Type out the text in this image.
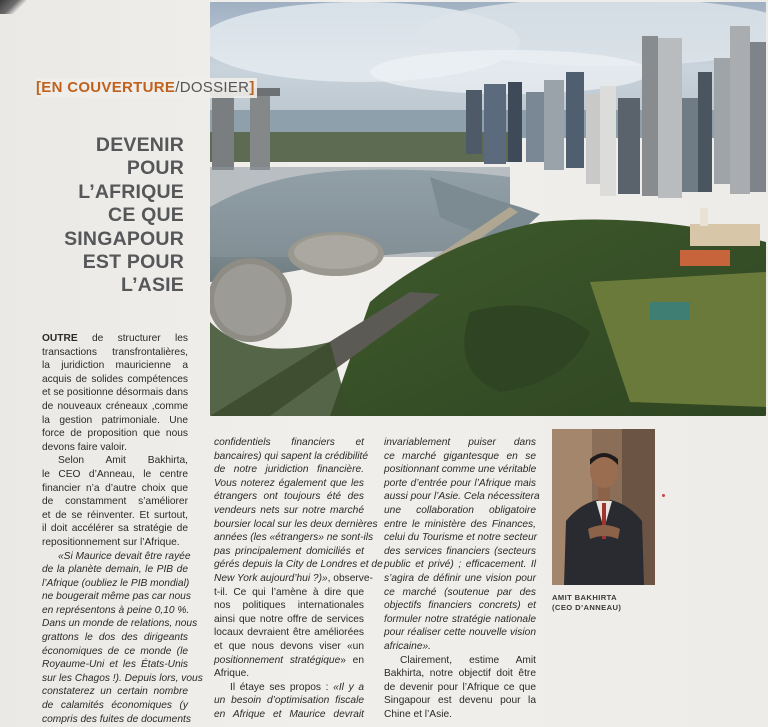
[EN COUVERTURE/DOSSIER]
DEVENIR
POUR
L’AFRIQUE
CE QUE
SINGAPOUR
EST POUR
L’ASIE
OUTRE de structurer les
transactions transfrontalières,
la juridiction mauricienne a
acquis de solides compétences
et se positionne désormais dans
de nouveaux créneaux ,comme
la gestion patrimoniale. Une
force de proposition que nous
devons faire valoir.
Selon Amit Bakhirta,
le CEO d’Anneau, le centre
financier n’a d’autre choix que
de constamment s’améliorer
et de se réinventer. Et surtout,
il doit accélérer sa stratégie de
repositionnement sur l’Afrique.
«Si Maurice devait être rayée
de la planète demain, le PIB de
l’Afrique (oubliez le PIB mondial)
ne bougerait même pas car nous
en représentons à peine 0,10 %.
Dans un monde de relations, nous
grattons le dos des dirigeants
économiques de ce monde (le
Royaume-Uni et les États-Unis
sur les Chagos !). Depuis lors, vous
constaterez un certain nombre
de calamités économiques (y
compris des fuites de documents
confidentiels financiers et
bancaires) qui sapent la crédibilité
de notre juridiction financière.
Vous noterez également que les
étrangers ont toujours été des
vendeurs nets sur notre marché
boursier local sur les deux dernières
années (les «étrangers» ne sont-ils
pas principalement domiciliés et
gérés depuis la City de Londres et de
New York aujourd’hui ?)», observe-
t-il. Ce qui l’amène à dire que
nos politiques internationales
ainsi que notre offre de services
locaux devraient être améliorées
et que nous devons viser «un
positionnement stratégique» en
Afrique.
Il étaye ses propos : «Il y a
un besoin d’optimisation fiscale
en Afrique et Maurice devrait
invariablement puiser dans
ce marché gigantesque en se
positionnant comme une véritable
porte d’entrée pour l’Afrique mais
aussi pour l’Asie. Cela nécessitera
une collaboration obligatoire
entre le ministère des Finances,
celui du Tourisme et notre secteur
des services financiers (secteurs
public et privé) ; efficacement. Il
s’agira de définir une vision pour
ce marché (soutenue par des
objectifs financiers concrets) et
formuler notre stratégie nationale
pour réaliser cette nouvelle vision
africaine».
Clairement, estime Amit
Bakhirta, notre objectif doit être
de devenir pour l’Afrique ce que
Singapour est devenu pour la
Chine et l’Asie.
AMIT BAKHIRTA
(CEO D’ANNEAU)
